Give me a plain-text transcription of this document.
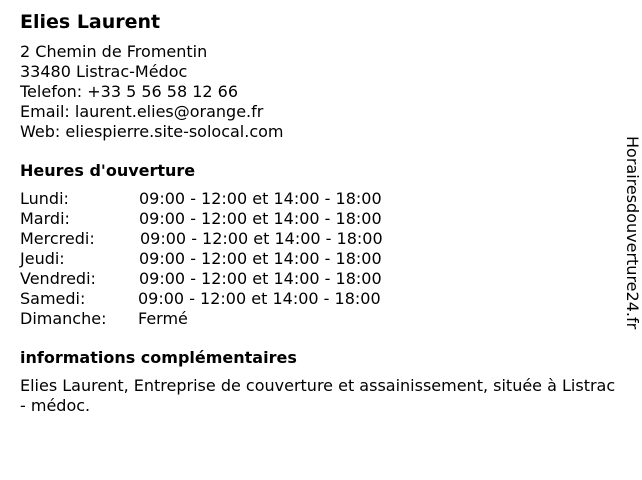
Elies Laurent
2 Chemin de Fromentin
33480 Listrac-Médoc
Telefon: +33 5 56 58 12 66
Email: laurent.elies@orange.fr
Web: eliespierre.site-solocal.com
Heures d'ouverture
Lundi:	09:00 - 12:00 et 14:00 - 18:00
Mardi:	09:00 - 12:00 et 14:00 - 18:00
Mercredi:	09:00 - 12:00 et 14:00 - 18:00
Jeudi:	09:00 - 12:00 et 14:00 - 18:00
Vendredi:	09:00 - 12:00 et 14:00 - 18:00
Samedi:	09:00 - 12:00 et 14:00 - 18:00
Dimanche: Fermé
informations complémentaires
Elies Laurent, Entreprise de couverture et assainissement, située à Listrac- médoc.
Horairesdouverture24.fr
